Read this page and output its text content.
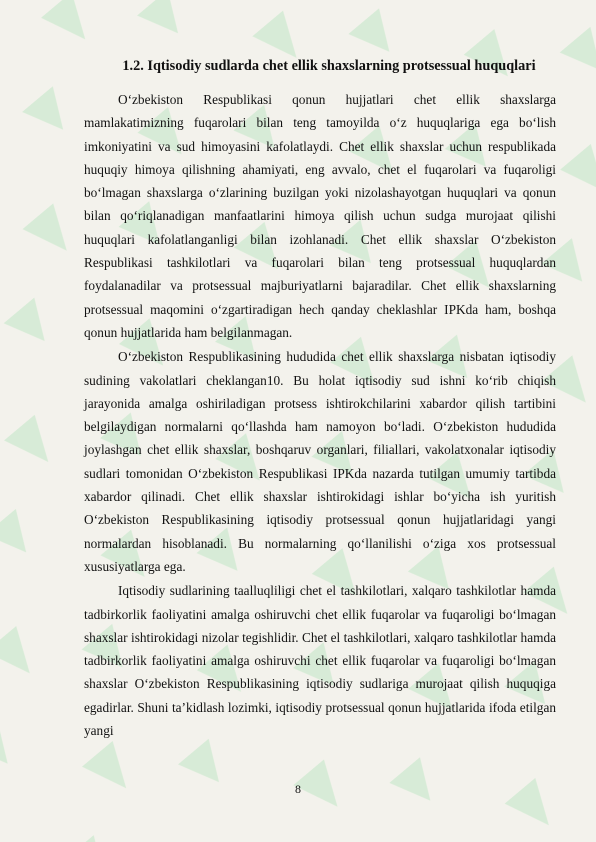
1.2. Iqtisodiy sudlarda chet ellik shaxslarning protsessual huquqlari

O‘zbekiston Respublikasi qonun hujjatlari chet ellik shaxslarga mamlakatimizning fuqarolari bilan teng tamoyilda o‘z huquqlariga ega bo‘lish imkoniyatini va sud himoyasini kafolatlaydi. Chet ellik shaxslar uchun respublikada huquqiy himoya qilishning ahamiyati, eng avvalo, chet el fuqarolari va fuqaroligi bo‘lmagan shaxslarga o‘zlarining buzilgan yoki nizolashayotgan huquqlari va qonun bilan qo‘riqlanadigan manfaatlarini himoya qilish uchun sudga murojaat qilishi huquqlari kafolatlanganligi bilan izohlanadi. Chet ellik shaxslar O‘zbekiston Respublikasi tashkilotlari va fuqarolari bilan teng protsessual huquqlardan foydalanadilar va protsessual majburiyatlarni bajaradilar. Chet ellik shaxslarning protsessual maqomini o‘zgartiradigan hech qanday cheklashlar IPKda ham, boshqa qonun hujjatlarida ham belgilanmagan.

O‘zbekiston Respublikasining hududida chet ellik shaxslarga nisbatan iqtisodiy sudining vakolatlari cheklangan10. Bu holat iqtisodiy sud ishni ko‘rib chiqish jarayonida amalga oshiriladigan protsess ishtirokchilarini xabardor qilish tartibini belgilaydigan normalarni qo‘llashda ham namoyon bo‘ladi. O‘zbekiston hududida joylashgan chet ellik shaxslar, boshqaruv organlari, filiallari, vakolatxonalar iqtisodiy sudlari tomonidan O‘zbekiston Respublikasi IPKda nazarda tutilgan umumiy tartibda xabardor qilinadi. Chet ellik shaxslar ishtirokidagi ishlar bo‘yicha ish yuritish O‘zbekiston Respublikasining iqtisodiy protsessual qonun hujjatlaridagi yangi normalardan hisoblanadi. Bu normalarning qo‘llanilishi o‘ziga xos protsessual xususiyatlarga ega.

Iqtisodiy sudlarining taalluqliligi chet el tashkilotlari, xalqaro tashkilotlar hamda tadbirkorlik faoliyatini amalga oshiruvchi chet ellik fuqarolar va fuqaroligi bo‘lmagan shaxslar ishtirokidagi nizolar tegishlidir. Chet el tashkilotlari, xalqaro tashkilotlar hamda tadbirkorlik faoliyatini amalga oshiruvchi chet ellik fuqarolar va fuqaroligi bo‘lmagan shaxslar O‘zbekiston Respublikasining iqtisodiy sudlariga murojaat qilish huquqiga egadirlar. Shuni ta’kidlash lozimki, iqtisodiy protsessual qonun hujjatlarida ifoda etilgan yangi

8
